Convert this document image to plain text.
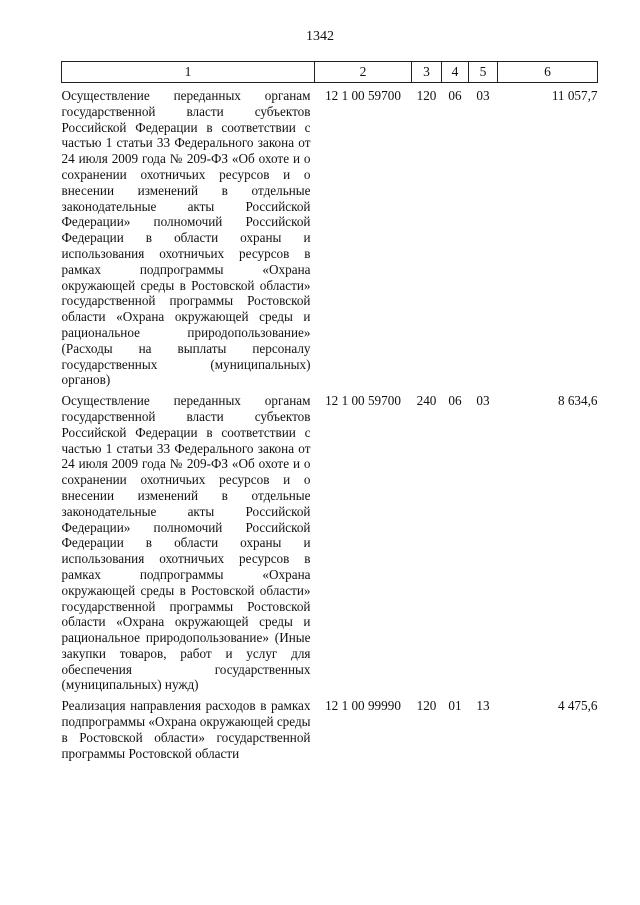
1342
1	2	3	4	5	6
Осуществление переданных органам государственной власти субъектов Российской Федерации в соответствии с частью 1 статьи 33 Федерального закона от 24 июля 2009 года № 209-ФЗ «Об охоте и о сохранении охотничьих ресурсов и о внесении изменений в отдельные законодательные акты Российской Федерации» полномочий Российской Федерации в области охраны и использования охотничьих ресурсов в рамках подпрограммы «Охрана окружающей среды в Ростовской области» государственной программы Ростовской области «Охрана окружающей среды и рациональное природопользование» (Расходы на выплаты персоналу государственных (муниципальных) органов)	12 1 00 59700	120	06	03	11 057,7
Осуществление переданных органам государственной власти субъектов Российской Федерации в соответствии с частью 1 статьи 33 Федерального закона от 24 июля 2009 года № 209-ФЗ «Об охоте и о сохранении охотничьих ресурсов и о внесении изменений в отдельные законодательные акты Российской Федерации» полномочий Российской Федерации в области охраны и использования охотничьих ресурсов в рамках подпрограммы «Охрана окружающей среды в Ростовской области» государственной программы Ростовской области «Охрана окружающей среды и рациональное природопользование» (Иные закупки товаров, работ и услуг для обеспечения государственных (муниципальных) нужд)	12 1 00 59700	240	06	03	8 634,6
Реализация направления расходов в рамках подпрограммы «Охрана окружающей среды в Ростовской области» государственной программы Ростовской области	12 1 00 99990	120	01	13	4 475,6
